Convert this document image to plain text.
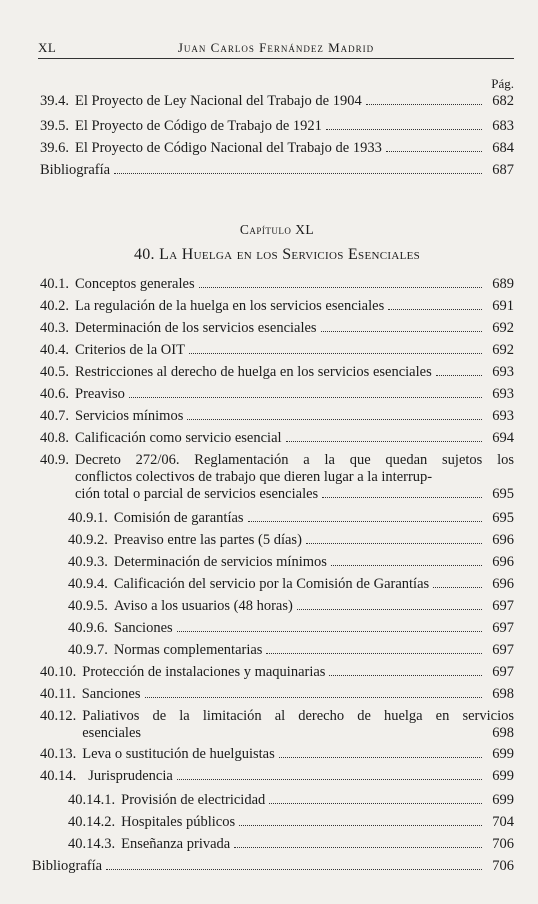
XL	Juan Carlos Fernández Madrid
Pág.
39.4. El Proyecto de Ley Nacional del Trabajo de 1904	682
39.5. El Proyecto de Código de Trabajo de 1921	683
39.6. El Proyecto de Código Nacional del Trabajo de 1933	684
Bibliografía	687
Capítulo XL
40. La Huelga en los Servicios Esenciales
40.1. Conceptos generales	689
40.2. La regulación de la huelga en los servicios esenciales	691
40.3. Determinación de los servicios esenciales	692
40.4. Criterios de la OIT	692
40.5. Restricciones al derecho de huelga en los servicios esenciales	693
40.6. Preaviso	693
40.7. Servicios mínimos	693
40.8. Calificación como servicio esencial	694
40.9. Decreto 272/06. Reglamentación a la que quedan sujetos los
conflictos colectivos de trabajo que dieren lugar a la interrup-
ción total o parcial de servicios esenciales	695
40.9.1. Comisión de garantías	695
40.9.2. Preaviso entre las partes (5 días)	696
40.9.3. Determinación de servicios mínimos	696
40.9.4. Calificación del servicio por la Comisión de Garantías	696
40.9.5. Aviso a los usuarios (48 horas)	697
40.9.6. Sanciones	697
40.9.7. Normas complementarias	697
40.10. Protección de instalaciones y maquinarias	697
40.11. Sanciones	698
40.12. Paliativos de la limitación al derecho de huelga en servicios
esenciales	698
40.13. Leva o sustitución de huelguistas	699
40.14. Jurisprudencia	699
40.14.1. Provisión de electricidad	699
40.14.2. Hospitales públicos	704
40.14.3. Enseñanza privada	706
Bibliografía	706
